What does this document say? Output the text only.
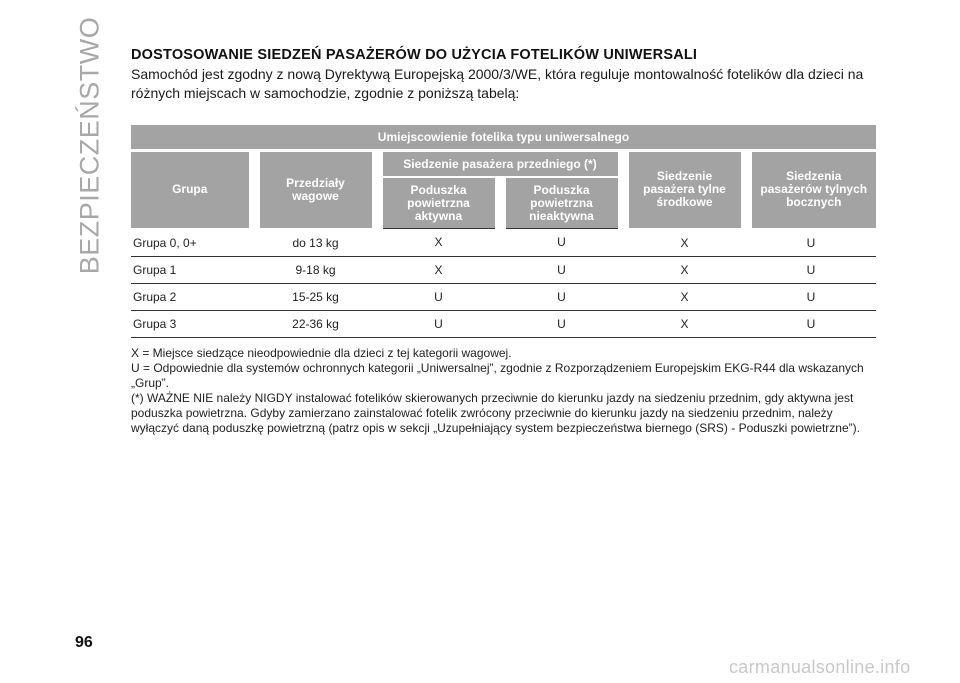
BEZPIECZEŃSTWO DOSTOSOWANIE SIEDZEŃ PASAŻERÓW DO UŻYCIA FOTELIKÓW UNIWERSALI

Samochód jest zgodny z nową Dyrektywą Europejską 2000/3/WE, która reguluje montowalność fotelików dla dzieci na różnych miejscach w samochodzie, zgodnie z poniższą tabelą:

Umiejscowienie fotelika typu uniwersalnego					
Grupa	Przedziały wagowe	Siedzenie pasażera przedniego (*)		Siedzenie pasażera tylne środkowe	Siedzenia pasażerów tylnych bocznych
		Poduszka powietrzna aktywna	Poduszka powietrzna nieaktywna		
Grupa 0, 0+	do 13 kg	X	U	X	U
Grupa 1	9-18 kg	X	U	X	U
Grupa 2	15-25 kg	U	U	X	U
Grupa 3	22-36 kg	U	U	X	U

X = Miejsce siedzące nieodpowiednie dla dzieci z tej kategorii wagowej.

U = Odpowiednie dla systemów ochronnych kategorii „Uniwersalnej”, zgodnie z Rozporządzeniem Europejskim EKG-R44 dla wskazanych „Grup”.

(*) WAŻNE NIE należy NIGDY instalować fotelików skierowanych przeciwnie do kierunku jazdy na siedzeniu przednim, gdy aktywna jest poduszka powietrzna. Gdyby zamierzano zainstalować fotelik zwrócony przeciwnie do kierunku jazdy na siedzeniu przednim, należy wyłączyć daną poduszkę powietrzną (patrz opis w sekcji „Uzupełniający system bezpieczeństwa biernego (SRS) - Poduszki powietrzne”).

96
carmanualsonline.info
